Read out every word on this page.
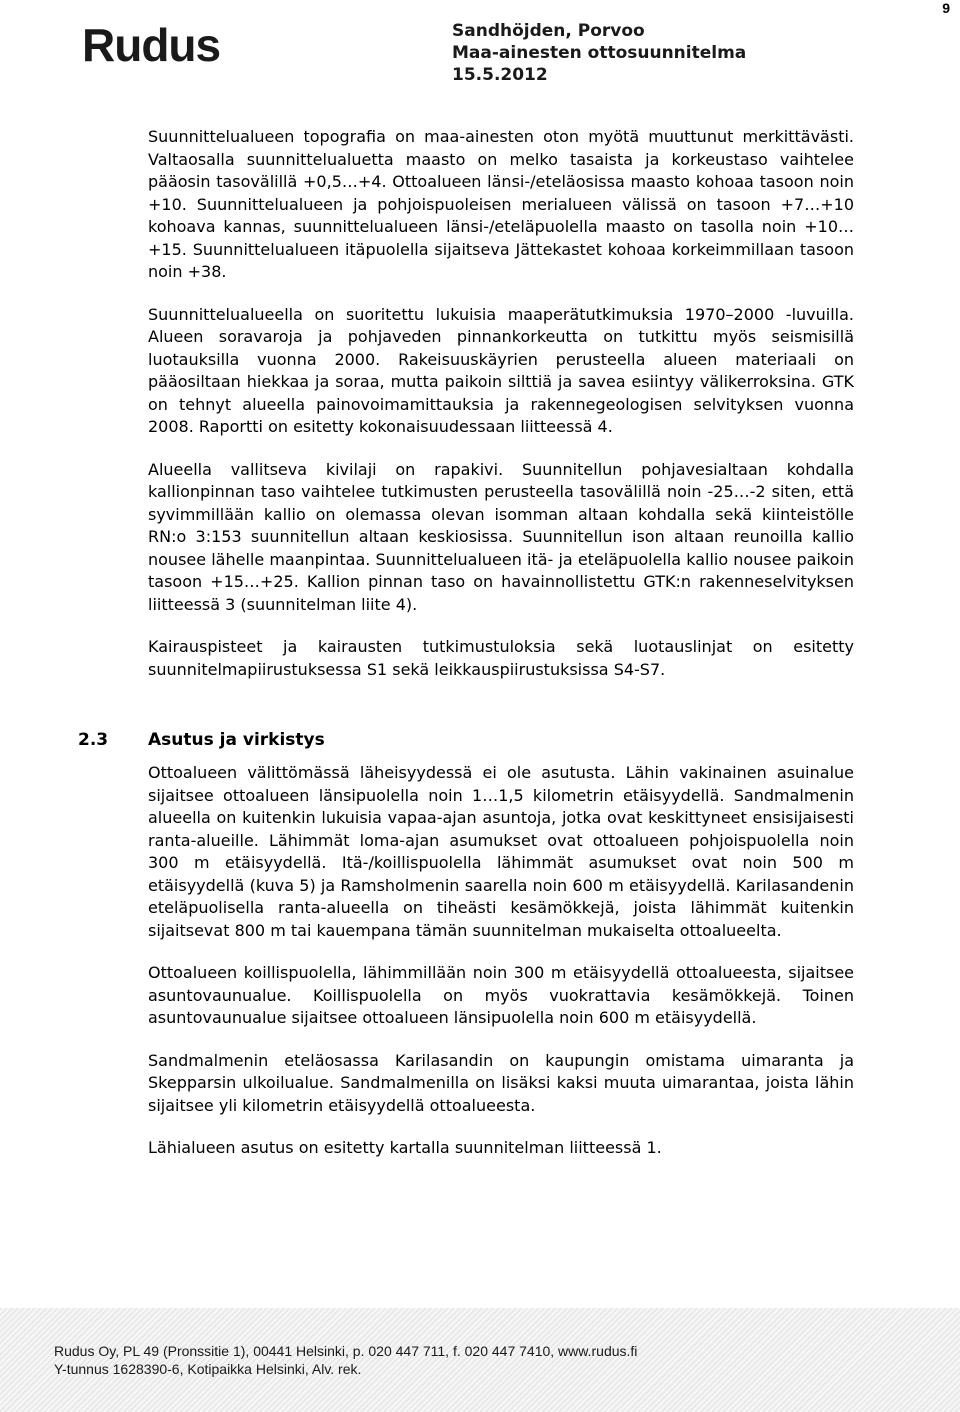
9
Rudus	Sandhöjden, Porvoo
Maa-ainesten ottosuunnitelma
15.5.2012

Suunnittelualueen topografia on maa-ainesten oton myötä muuttunut merkittävästi. Valtaosalla suunnittelualuetta maasto on melko tasaista ja korkeustaso vaihtelee pääosin tasovälillä +0,5…+4. Ottoalueen länsi-/eteläosissa maasto kohoaa tasoon noin +10. Suunnittelualueen ja pohjoispuoleisen merialueen välissä on tasoon +7…+10 kohoava kannas, suunnittelualueen länsi-/eteläpuolella maasto on tasolla noin +10…+15. Suunnittelualueen itäpuolella sijaitseva Jättekastet kohoaa korkeimmillaan tasoon noin +38.

Suunnittelualueella on suoritettu lukuisia maaperätutkimuksia 1970–2000 -luvuilla. Alueen soravaroja ja pohjaveden pinnankorkeutta on tutkittu myös seismisillä luotauksilla vuonna 2000. Rakeisuuskäyrien perusteella alueen materiaali on pääosiltaan hiekkaa ja soraa, mutta paikoin silttiä ja savea esiintyy välikerroksina. GTK on tehnyt alueella painovoimamittauksia ja rakennegeologisen selvityksen vuonna 2008. Raportti on esitetty kokonaisuudessaan liitteessä 4.

Alueella vallitseva kivilaji on rapakivi. Suunnitellun pohjavesialtaan kohdalla kallionpinnan taso vaihtelee tutkimusten perusteella tasovälillä noin -25…-2 siten, että syvimmillään kallio on olemassa olevan isomman altaan kohdalla sekä kiinteistölle RN:o 3:153 suunnitellun altaan keskiosissa. Suunnitellun ison altaan reunoilla kallio nousee lähelle maanpintaa. Suunnittelualueen itä- ja eteläpuolella kallio nousee paikoin tasoon +15…+25. Kallion pinnan taso on havainnollistettu GTK:n rakenneselvityksen liitteessä 3 (suunnitelman liite 4).

Kairauspisteet ja kairausten tutkimustuloksia sekä luotauslinjat on esitetty suunnitelmapiirustuksessa S1 sekä leikkauspiirustuksissa S4-S7.

2.3 Asutus ja virkistys

Ottoalueen välittömässä läheisyydessä ei ole asutusta. Lähin vakinainen asuinalue sijaitsee ottoalueen länsipuolella noin 1…1,5 kilometrin etäisyydellä. Sandmalmenin alueella on kuitenkin lukuisia vapaa-ajan asuntoja, jotka ovat keskittyneet ensisijaisesti ranta-alueille. Lähimmät loma-ajan asumukset ovat ottoalueen pohjoispuolella noin 300 m etäisyydellä. Itä-/koillispuolella lähimmät asumukset ovat noin 500 m etäisyydellä (kuva 5) ja Ramsholmenin saarella noin 600 m etäisyydellä. Karilasandenin eteläpuolisella ranta-alueella on tiheästi kesämökkejä, joista lähimmät kuitenkin sijaitsevat 800 m tai kauempana tämän suunnitelman mukaiselta ottoalueelta.

Ottoalueen koillispuolella, lähimmillään noin 300 m etäisyydellä ottoalueesta, sijaitsee asuntovaunualue. Koillispuolella on myös vuokrattavia kesämökkejä. Toinen asuntovaunualue sijaitsee ottoalueen länsipuolella noin 600 m etäisyydellä.

Sandmalmenin eteläosassa Karilasandin on kaupungin omistama uimaranta ja Skepparsin ulkoilualue. Sandmalmenilla on lisäksi kaksi muuta uimarantaa, joista lähin sijaitsee yli kilometrin etäisyydellä ottoalueesta.

Lähialueen asutus on esitetty kartalla suunnitelman liitteessä 1.

Rudus Oy, PL 49 (Pronssitie 1), 00441 Helsinki, p. 020 447 711, f. 020 447 7410, www.rudus.fi
Y-tunnus 1628390-6, Kotipaikka Helsinki, Alv. rek.
